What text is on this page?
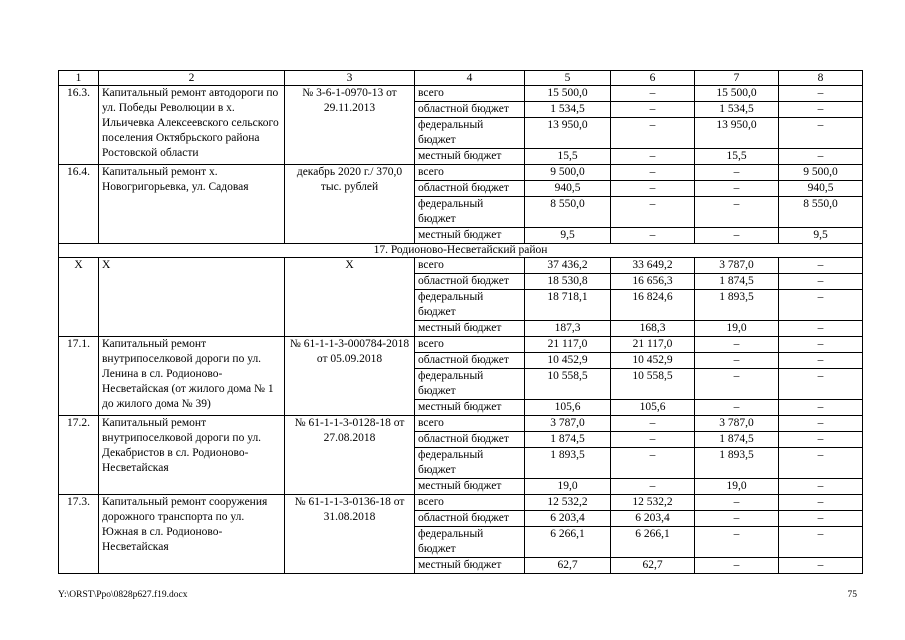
1	2	3	4	5	6	7	8
16.3.	Капитальный ремонт автодороги по ул. Победы Революции в х. Ильичевка Алексеевского сельского поселения Октябрьского района Ростовской области	№ 3-6-1-0970-13 от 29.11.2013	всего	15 500,0	–	15 500,0	–
			областной бюджет	1 534,5	–	1 534,5	–
			федеральный бюджет	13 950,0	–	13 950,0	–
			местный бюджет	15,5	–	15,5	–
16.4.	Капитальный ремонт х. Новогригорьевка, ул. Садовая	декабрь 2020 г./ 370,0 тыс. рублей	всего	9 500,0	–	–	9 500,0
			областной бюджет	940,5	–	–	940,5
			федеральный бюджет	8 550,0	–	–	8 550,0
			местный бюджет	9,5	–	–	9,5
17. Родионово-Несветайский район							
Х	Х	Х	всего	37 436,2	33 649,2	3 787,0	–
			областной бюджет	18 530,8	16 656,3	1 874,5	–
			федеральный бюджет	18 718,1	16 824,6	1 893,5	–
			местный бюджет	187,3	168,3	19,0	–
17.1.	Капитальный ремонт внутрипоселковой дороги по ул. Ленина в сл. Родионово-Несветайская (от жилого дома № 1 до жилого дома № 39)	№ 61-1-1-3-000784-2018 от 05.09.2018	всего	21 117,0	21 117,0	–	–
			областной бюджет	10 452,9	10 452,9	–	–
			федеральный бюджет	10 558,5	10 558,5	–	–
			местный бюджет	105,6	105,6	–	–
17.2.	Капитальный ремонт внутрипоселковой дороги по ул. Декабристов в сл. Родионово-Несветайская	№ 61-1-1-3-0128-18 от 27.08.2018	всего	3 787,0	–	3 787,0	–
			областной бюджет	1 874,5	–	1 874,5	–
			федеральный бюджет	1 893,5	–	1 893,5	–
			местный бюджет	19,0	–	19,0	–
17.3.	Капитальный ремонт сооружения дорожного транспорта по ул. Южная в сл. Родионово-Несветайская	№ 61-1-1-3-0136-18 от 31.08.2018	всего	12 532,2	12 532,2	–	–
			областной бюджет	6 203,4	6 203,4	–	–
			федеральный бюджет	6 266,1	6 266,1	–	–
			местный бюджет	62,7	62,7	–	–
Y:\ORST\Ppo\0828p627.f19.docx	75
